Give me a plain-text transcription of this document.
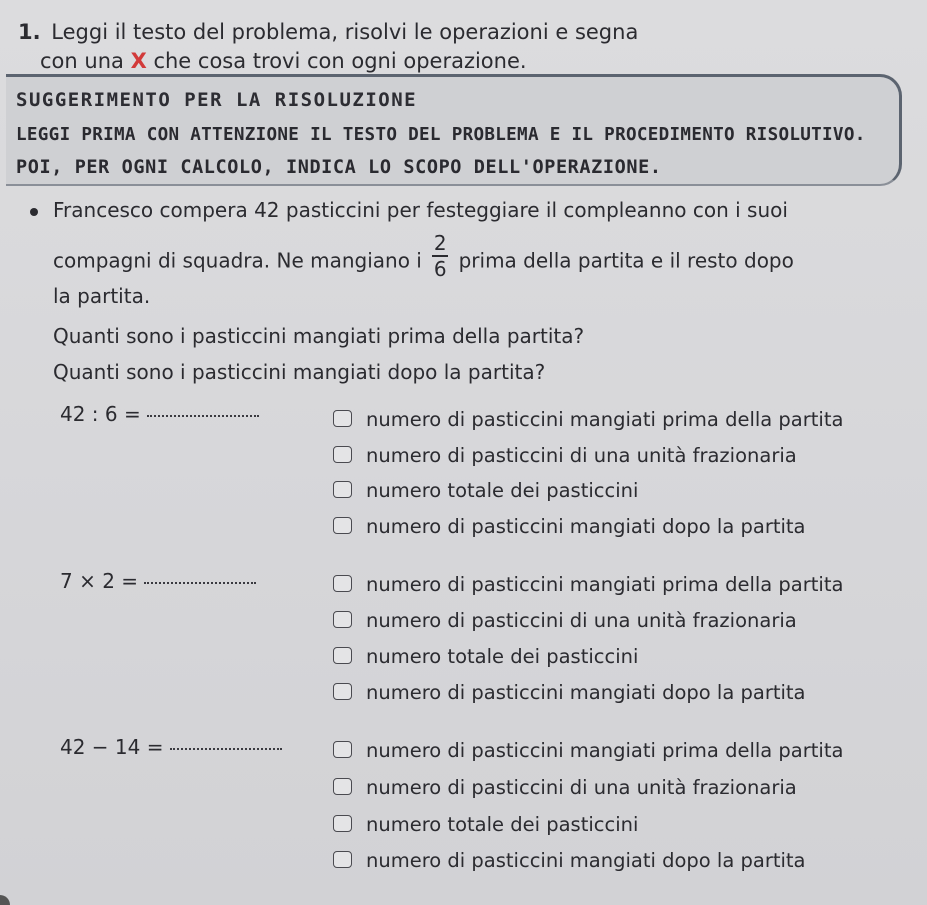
1. Leggi il testo del problema, risolvi le operazioni e segna
con una X che cosa trovi con ogni operazione.
SUGGERIMENTO PER LA RISOLUZIONE
LEGGI PRIMA CON ATTENZIONE IL TESTO DEL PROBLEMA E IL PROCEDIMENTO RISOLUTIVO.
POI, PER OGNI CALCOLO, INDICA LO SCOPO DELL'OPERAZIONE.
Francesco compera 42 pasticcini per festeggiare il compleanno con i suoi
compagni di squadra. Ne mangiano i $\frac{2}{6}$ prima della partita e il resto dopo
la partita.
Quanti sono i pasticcini mangiati prima della partita?
Quanti sono i pasticcini mangiati dopo la partita?
42 : 6 =	numero di pasticcini mangiati prima della partita
numero di pasticcini di una unità frazionaria
numero totale dei pasticcini
numero di pasticcini mangiati dopo la partita
7 × 2 =	numero di pasticcini mangiati prima della partita
numero di pasticcini di una unità frazionaria
numero totale dei pasticcini
numero di pasticcini mangiati dopo la partita
42 − 14 =	numero di pasticcini mangiati prima della partita
numero di pasticcini di una unità frazionaria
numero totale dei pasticcini
numero di pasticcini mangiati dopo la partita
